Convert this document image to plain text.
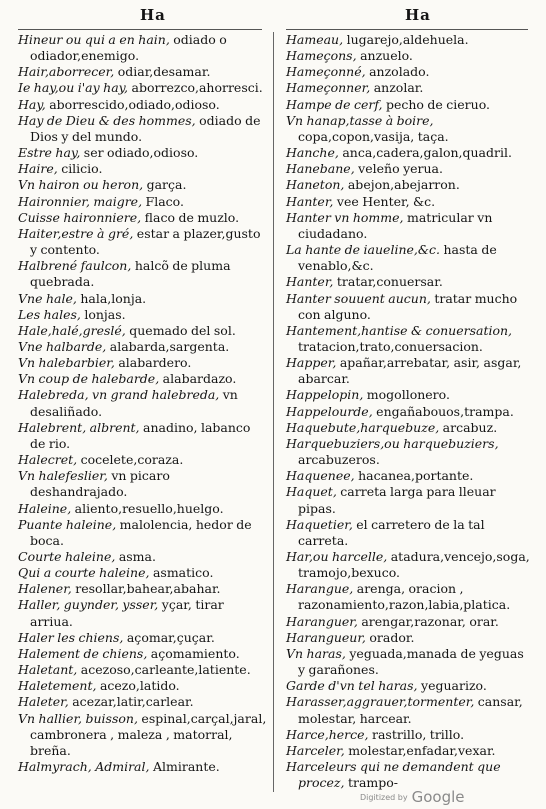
Ha	Ha
Hineur ou qui a en hain, odiado o odiador,enemigo.
Hair,aborrecer, odiar,desamar.
Ie hay,ou i'ay hay, aborrezco,ahorresci.
Hay, aborrescido,odiado,odioso.
Hay de Dieu & des hommes, odiado de Dios y del mundo.
Estre hay, ser odiado,odioso.
Haire, cilicio.
Vn hairon ou heron, garça.
Haironnier, maigre, Flaco.
Cuisse haironniere, flaco de muzlo.
Haiter,estre à gré, estar a plazer,gusto y contento.
Halbrené faulcon, halcõ de pluma quebrada.
Vne hale, hala,lonja.
Les hales, lonjas.
Hale,halé,greslé, quemado del sol.
Vne halbarde, alabarda,sargenta.
Vn halebarbier, alabardero.
Vn coup de halebarde, alabardazo.
Halebreda, vn grand halebreda, vn desaliñado.
Halebrent, albrent, anadino, labanco de rio.
Halecret, cocelete,coraza.
Vn halefeslier, vn picaro deshandrajado.
Haleine, aliento,resuello,huelgo.
Puante haleine, malolencia, hedor de boca.
Courte haleine, asma.
Qui a courte haleine, asmatico.
Halener, resollar,bahear,abahar.
Haller, guynder, ysser, yçar, tirar arriua.
Haler les chiens, açomar,çuçar.
Halement de chiens, açomamiento.
Haletant, acezoso,carleante,latiente.
Haletement, acezo,latido.
Haleter, acezar,latir,carlear.
Vn hallier, buisson, espinal,carçal,jaral, cambronera , maleza , matorral, breña.
Halmyrach, Admiral, Almirante.
Hameau, lugarejo,aldehuela.
Hameçons, anzuelo.
Hameçonné, anzolado.
Hameçonner, anzolar.
Hampe de cerf, pecho de cieruo.
Vn hanap,tasse à boire, copa,copon,vasija, taça.
Hanche, anca,cadera,galon,quadril.
Hanebane, veleño yerua.
Haneton, abejon,abejarron.
Hanter, vee Henter, &c.
Hanter vn homme, matricular vn ciudadano.
La hante de iaueline,&c. hasta de venablo,&c.
Hanter, tratar,conuersar.
Hanter souuent aucun, tratar mucho con alguno.
Hantement,hantise & conuersation, tratacion,trato,conuersacion.
Happer, apañar,arrebatar, asir, asgar, abarcar.
Happelopin, mogollonero.
Happelourde, engañabouos,trampa.
Haquebute,harquebuze, arcabuz.
Harquebuziers,ou harquebuziers, arcabuzeros.
Haquenee, hacanea,portante.
Haquet, carreta larga para lleuar pipas.
Haquetier, el carretero de la tal carreta.
Har,ou harcelle, atadura,vencejo,soga, tramojo,bexuco.
Harangue, arenga, oracion , razonamiento,razon,labia,platica.
Haranguer, arengar,razonar, orar.
Harangueur, orador.
Vn haras, yeguada,manada de yeguas y garañones.
Garde d'vn tel haras, yeguarizo.
Harasser,aggrauer,tormenter, cansar, molestar, harcear.
Harce,herce, rastrillo, trillo.
Harceler, molestar,enfadar,vexar.
Harceleurs qui ne demandent que procez, trampo-
Digitized by Google
